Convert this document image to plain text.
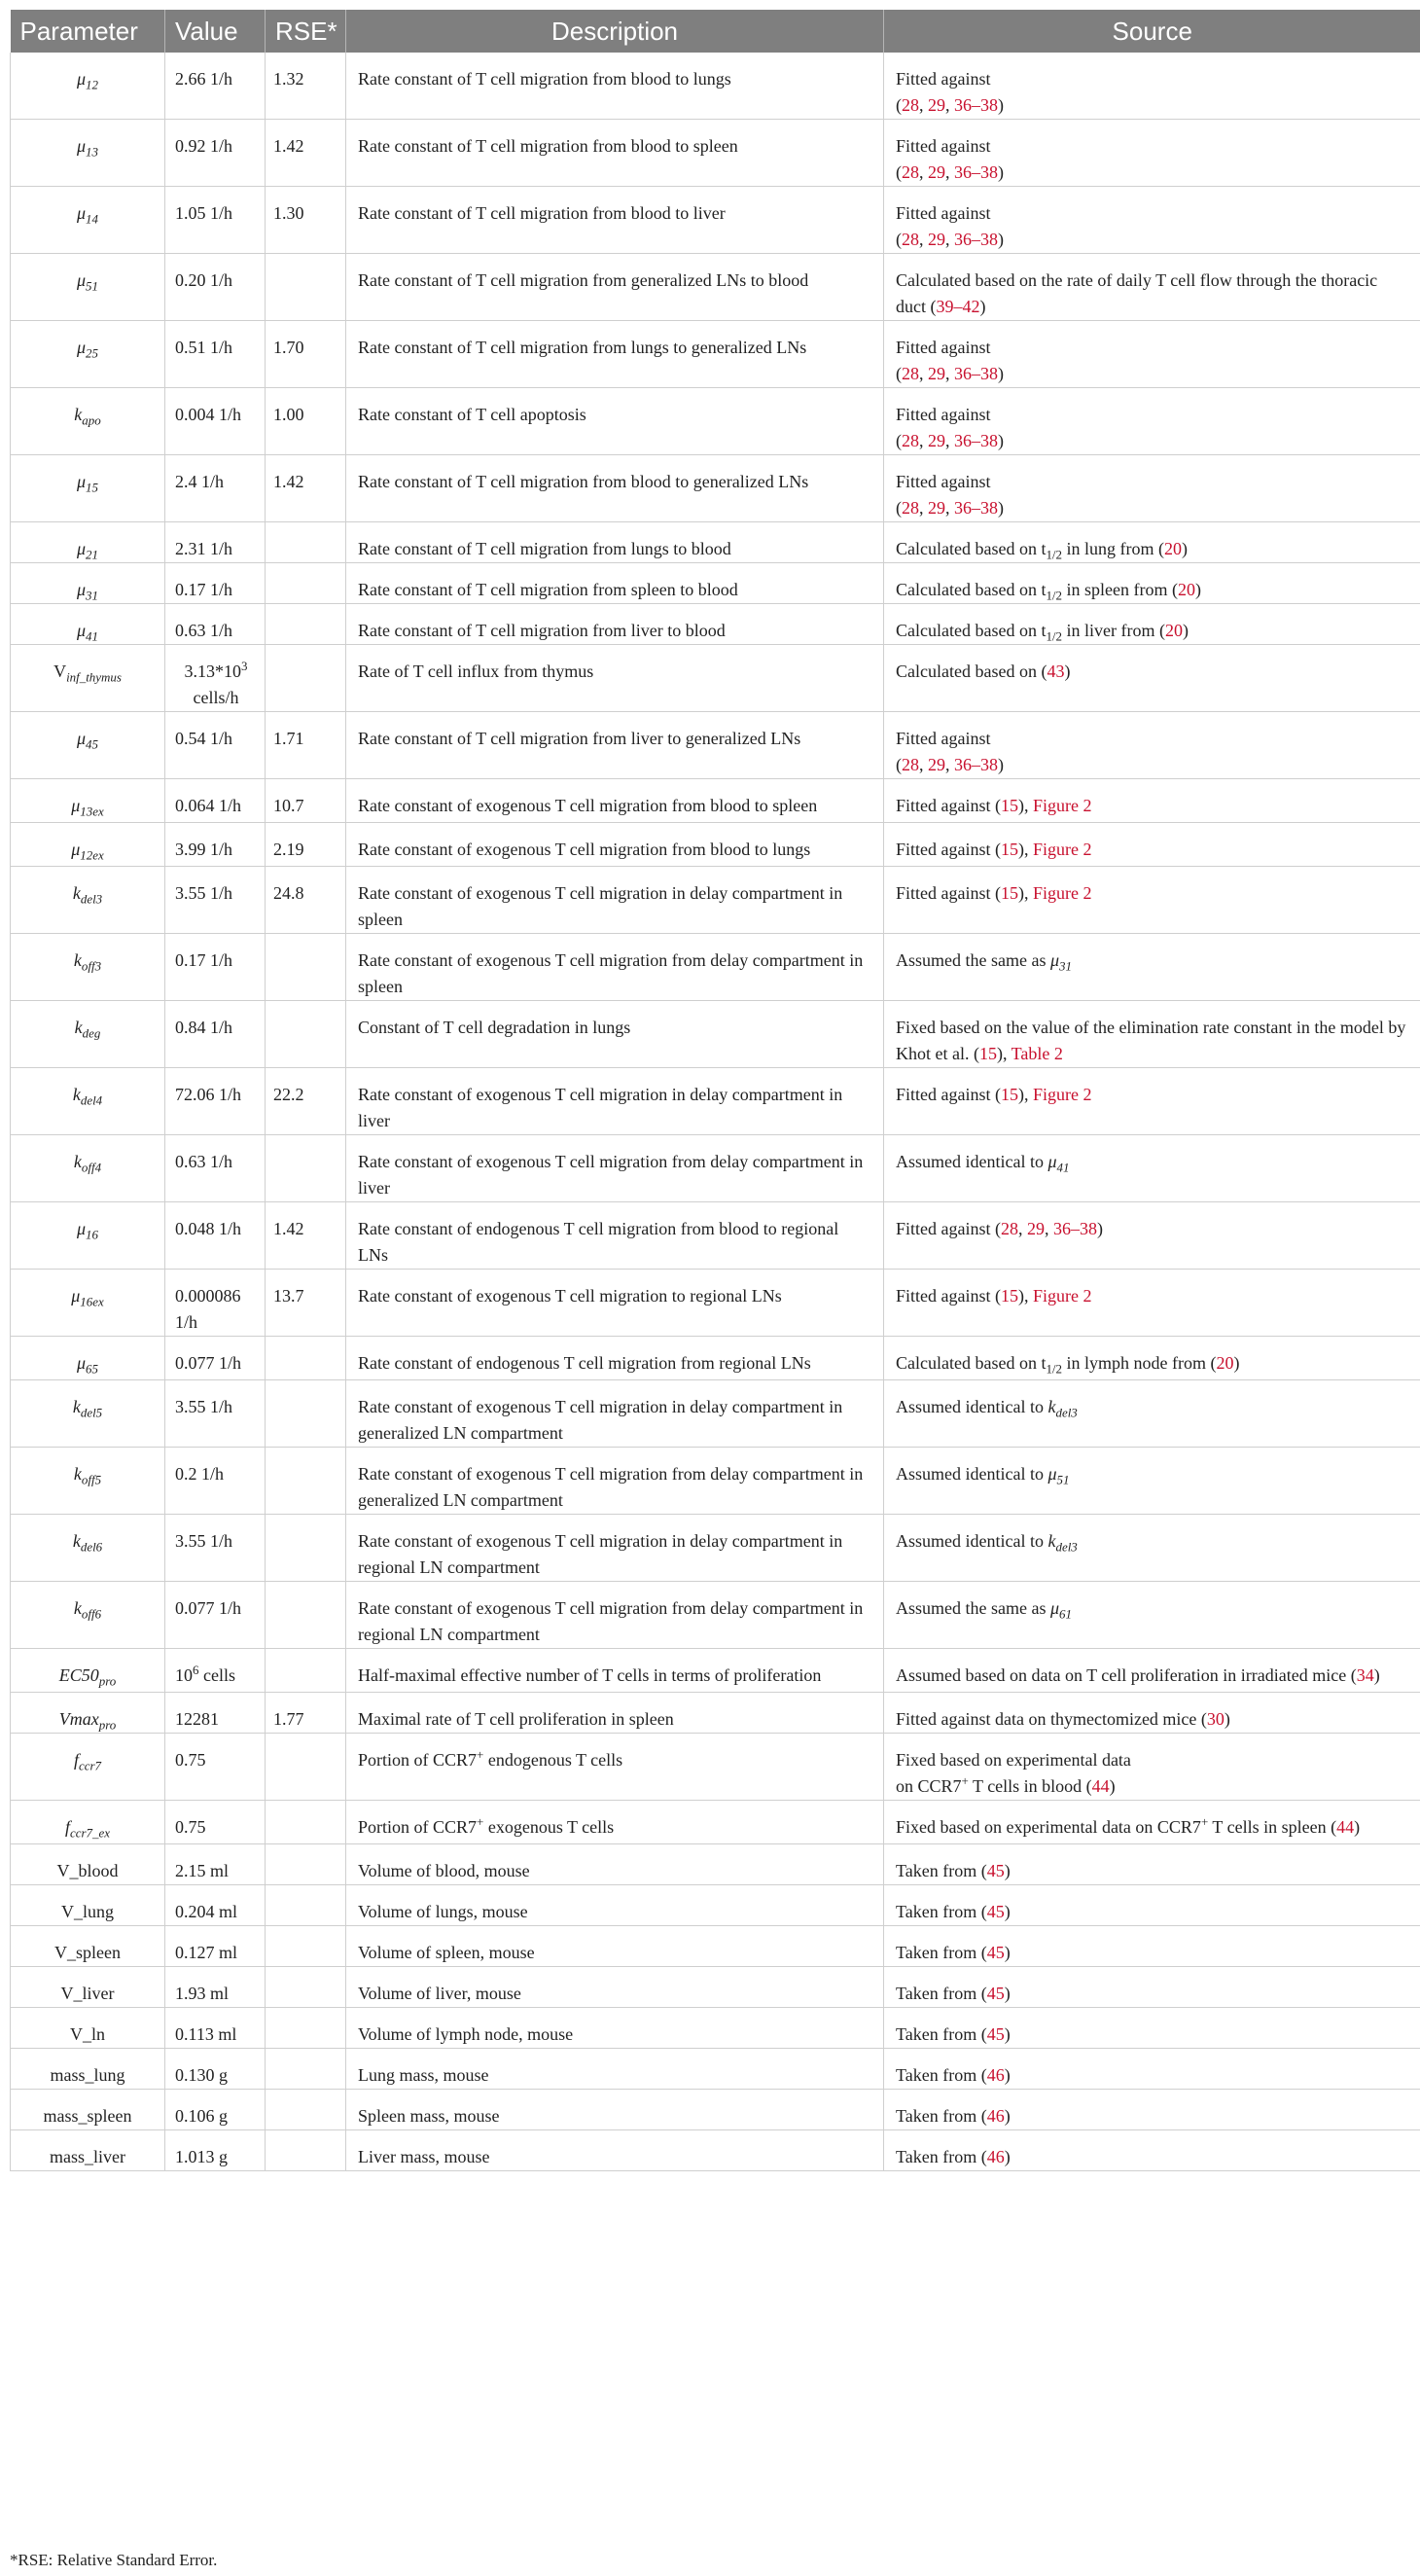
Parameter	Value	RSE*	Description	Source
$\mu_{12}$	2.66 1/h	1.32	Rate constant of T cell migration from blood to lungs	Fitted against
(28, 29, 36–38)
$\mu_{13}$	0.92 1/h	1.42	Rate constant of T cell migration from blood to spleen	Fitted against
(28, 29, 36–38)
$\mu_{14}$	1.05 1/h	1.30	Rate constant of T cell migration from blood to liver	Fitted against
(28, 29, 36–38)
$\mu_{51}$	0.20 1/h		Rate constant of T cell migration from generalized LNs to blood	Calculated based on the rate of daily T cell flow through the thoracic duct (39–42)
$\mu_{25}$	0.51 1/h	1.70	Rate constant of T cell migration from lungs to generalized LNs	Fitted against
(28, 29, 36–38)
$k_{apo}$	0.004 1/h	1.00	Rate constant of T cell apoptosis	Fitted against
(28, 29, 36–38)
$\mu_{15}$	2.4 1/h	1.42	Rate constant of T cell migration from blood to generalized LNs	Fitted against
(28, 29, 36–38)
$\mu_{21}$	2.31 1/h		Rate constant of T cell migration from lungs to blood	Calculated based on $t_{1/2}$ in lung from (20)
$\mu_{31}$	0.17 1/h		Rate constant of T cell migration from spleen to blood	Calculated based on $t_{1/2}$ in spleen from (20)
$\mu_{41}$	0.63 1/h		Rate constant of T cell migration from liver to blood	Calculated based on $t_{1/2}$ in liver from (20)
$V_{inf\_thymus}$	$3.13*10^3$
cells/h		Rate of T cell influx from thymus	Calculated based on (43)
$\mu_{45}$	0.54 1/h	1.71	Rate constant of T cell migration from liver to generalized LNs	Fitted against
(28, 29, 36–38)
$\mu_{13ex}$	0.064 1/h	10.7	Rate constant of exogenous T cell migration from blood to spleen	Fitted against (15), Figure 2
$\mu_{12ex}$	3.99 1/h	2.19	Rate constant of exogenous T cell migration from blood to lungs	Fitted against (15), Figure 2
$k_{del3}$	3.55 1/h	24.8	Rate constant of exogenous T cell migration in delay compartment in spleen	Fitted against (15), Figure 2
$k_{off3}$	0.17 1/h		Rate constant of exogenous T cell migration from delay compartment in spleen	Assumed the same as $\mu_{31}$
$k_{deg}$	0.84 1/h		Constant of T cell degradation in lungs	Fixed based on the value of the elimination rate constant in the model by Khot et al. (15), Table 2
$k_{del4}$	72.06 1/h	22.2	Rate constant of exogenous T cell migration in delay compartment in liver	Fitted against (15), Figure 2
$k_{off4}$	0.63 1/h		Rate constant of exogenous T cell migration from delay compartment in liver	Assumed identical to $\mu_{41}$
$\mu_{16}$	0.048 1/h	1.42	Rate constant of endogenous T cell migration from blood to regional LNs	Fitted against (28, 29, 36–38)
$\mu_{16ex}$	0.000086
1/h	13.7	Rate constant of exogenous T cell migration to regional LNs	Fitted against (15), Figure 2
$\mu_{65}$	0.077 1/h		Rate constant of endogenous T cell migration from regional LNs	Calculated based on $t_{1/2}$ in lymph node from (20)
$k_{del5}$	3.55 1/h		Rate constant of exogenous T cell migration in delay compartment in generalized LN compartment	Assumed identical to $k_{del3}$
$k_{off5}$	0.2 1/h		Rate constant of exogenous T cell migration from delay compartment in generalized LN compartment	Assumed identical to $\mu_{51}$
$k_{del6}$	3.55 1/h		Rate constant of exogenous T cell migration in delay compartment in regional LN compartment	Assumed identical to $k_{del3}$
$k_{off6}$	0.077 1/h		Rate constant of exogenous T cell migration from delay compartment in regional LN compartment	Assumed the same as $\mu_{61}$
$EC50_{pro}$	$10^6$ cells		Half-maximal effective number of T cells in terms of proliferation	Assumed based on data on T cell proliferation in irradiated mice (34)
Vmax$_{pro}$	12281	1.77	Maximal rate of T cell proliferation in spleen	Fitted against data on thymectomized mice (30)
$f_{ccr7}$	0.75		Portion of CCR7+ endogenous T cells	Fixed based on experimental data
on CCR7+ T cells in blood (44)
$f_{ccr7\_ex}$	0.75		Portion of CCR7+ exogenous T cells	Fixed based on experimental data on CCR7+ T cells in spleen (44)
V_blood	2.15 ml		Volume of blood, mouse	Taken from (45)
V_lung	0.204 ml		Volume of lungs, mouse	Taken from (45)
V_spleen	0.127 ml		Volume of spleen, mouse	Taken from (45)
V_liver	1.93 ml		Volume of liver, mouse	Taken from (45)
V_ln	0.113 ml		Volume of lymph node, mouse	Taken from (45)
mass_lung	0.130 g		Lung mass, mouse	Taken from (46)
mass_spleen	0.106 g		Spleen mass, mouse	Taken from (46)
mass_liver	1.013 g		Liver mass, mouse	Taken from (46)
*RSE: Relative Standard Error.
